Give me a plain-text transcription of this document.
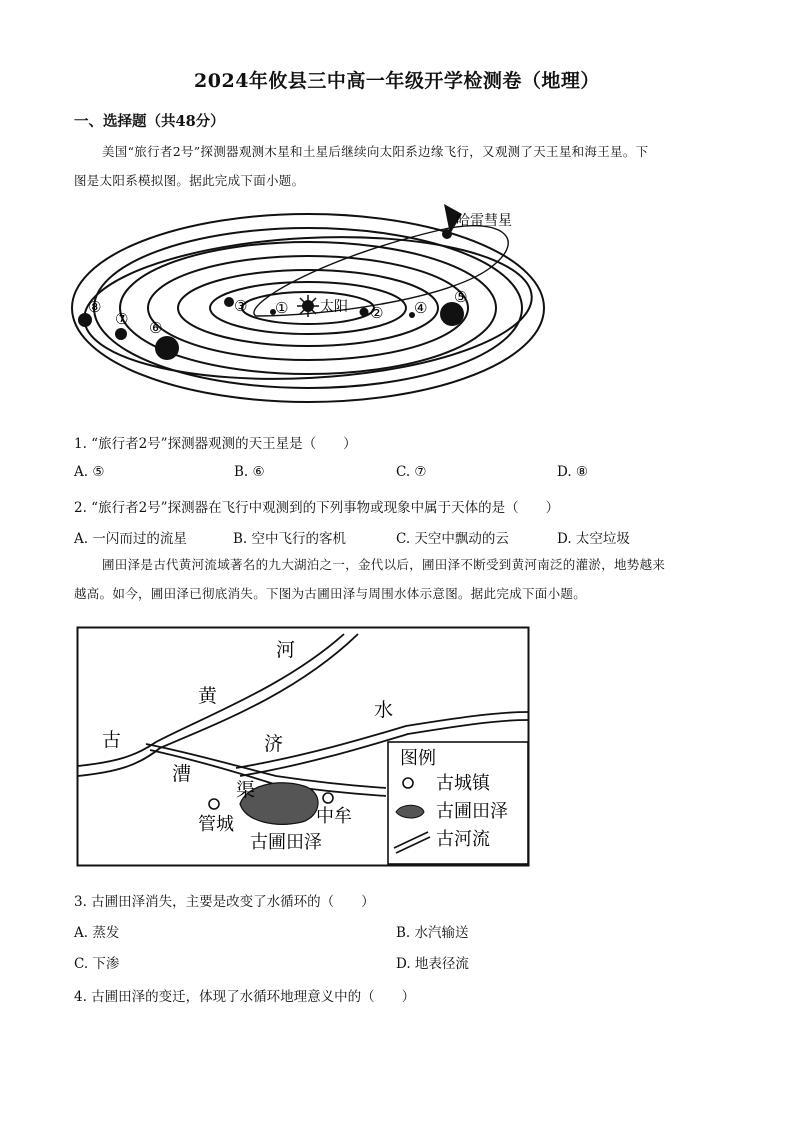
2024年攸县三中高一年级开学检测卷（地理）
一、选择题（共48分）
美国“旅行者2号”探测器观测木星和土星后继续向太阳系边缘飞行，又观测了天王星和海王星。下
图是太阳系模拟图。据此完成下面小题。
哈雷彗星
太阳
①	②
③	④
⑤
⑥
⑦
⑧
1. “旅行者2号”探测器观测的天王星是（　　）
A. ⑤	B. ⑥	C. ⑦	D. ⑧
2. “旅行者2号”探测器在飞行中观测到的下列事物或现象中属于天体的是（　　）
A. 一闪而过的流星	B. 空中飞行的客机	C. 天空中飘动的云	D. 太空垃圾
圃田泽是古代黄河流域著名的九大湖泊之一，金代以后，圃田泽不断受到黄河南泛的灌淤，地势越来
越高。如今，圃田泽已彻底消失。下图为古圃田泽与周围水体示意图。据此完成下面小题。
古
黄
河
济
水
漕
渠
管城	中牟
古圃田泽
图例
古城镇
古圃田泽
古河流
3. 古圃田泽消失，主要是改变了水循环的（　　）
A. 蒸发	B. 水汽输送
C. 下渗	D. 地表径流
4. 古圃田泽的变迁，体现了水循环地理意义中的（　　）
